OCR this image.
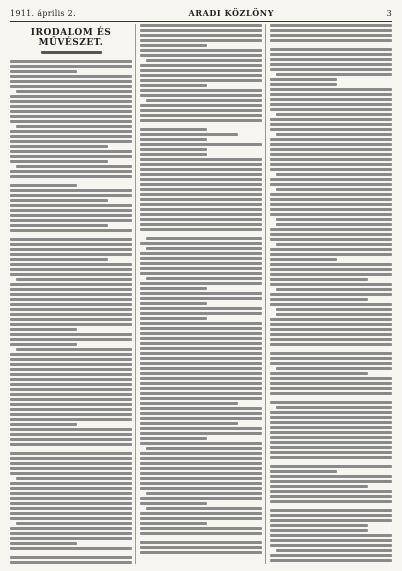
1911. április 2.	ARADI KÖZLÖNY	3
IRODALOM ÉS MŰVÉSZET.
